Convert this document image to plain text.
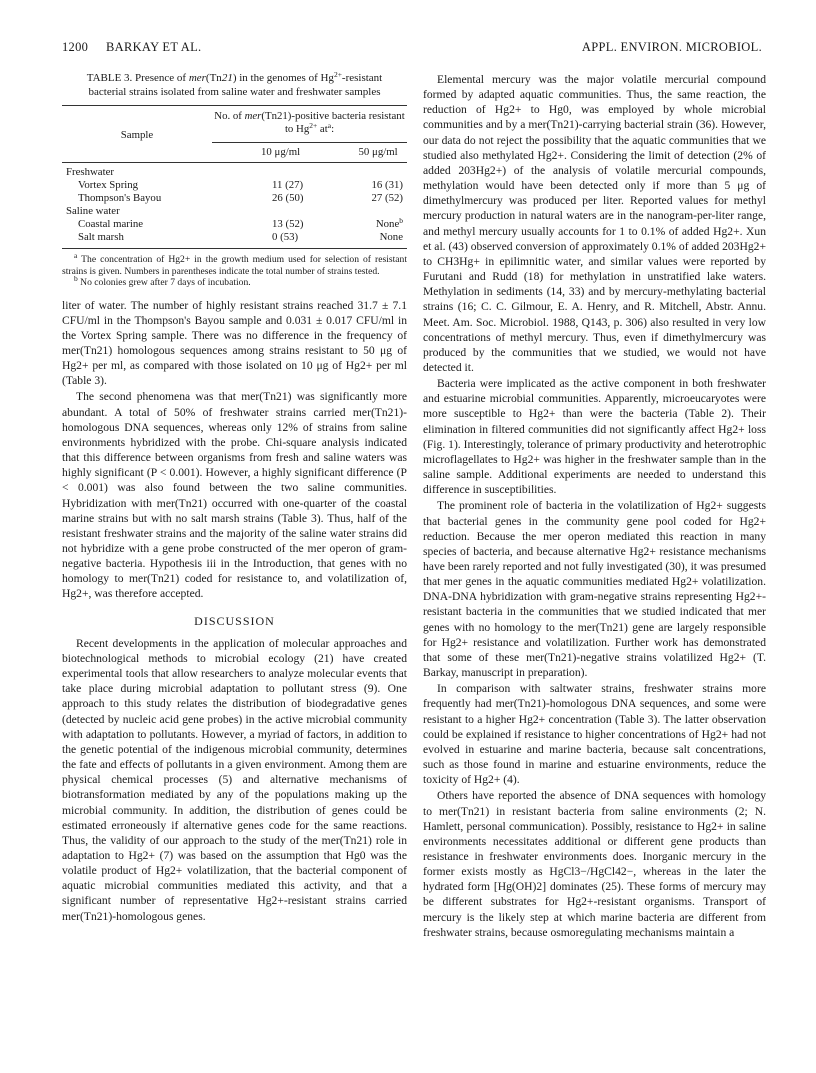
1200 BARKAY ET AL.	APPL. ENVIRON. MICROBIOL.
TABLE 3. Presence of mer(Tn21) in the genomes of $Hg^{2+}$-resistant bacterial strains isolated from saline water and freshwater samples

Sample	No. of mer(Tn21)-positive bacteria resistant to $Hg^{2+}$ $at^a$:	
	10 μg/ml	50 μg/ml

Freshwater		
Vortex Spring	11 (27)	16 (31)
Thompson's Bayou	26 (50)	27 (52)
Saline water		
Coastal marine	13 (52)	None$^b$
Salt marsh	0 (53)	None
$^a$ The concentration of Hg2+ in the growth medium used for selection of resistant strains is given. Numbers in parentheses indicate the total number of strains tested.
$^b$ No colonies grew after 7 days of incubation.

liter of water. The number of highly resistant strains reached 31.7 ± 7.1 CFU/ml in the Thompson's Bayou sample and 0.031 ± 0.017 CFU/ml in the Vortex Spring sample. There was no difference in the frequency of mer(Tn21) homologous sequences among strains resistant to 50 μg of Hg2+ per ml, as compared with those isolated on 10 μg of Hg2+ per ml (Table 3).

The second phenomena was that mer(Tn21) was significantly more abundant. A total of 50% of freshwater strains carried mer(Tn21)-homologous DNA sequences, whereas only 12% of strains from saline environments hybridized with the probe. Chi-square analysis indicated that this difference between organisms from fresh and saline waters was highly significant (P < 0.001). However, a highly significant difference (P < 0.001) was also found between the two saline communities. Hybridization with mer(Tn21) occurred with one-quarter of the coastal marine strains but with no salt marsh strains (Table 3). Thus, half of the resistant freshwater strains and the majority of the saline water strains did not hybridize with a gene probe constructed of the mer operon of gram-negative bacteria. Hypothesis iii in the Introduction, that genes with no homology to mer(Tn21) coded for resistance to, and volatilization of, Hg2+, was therefore accepted.

DISCUSSION

Recent developments in the application of molecular approaches and biotechnological methods to microbial ecology (21) have created experimental tools that allow researchers to analyze molecular events that take place during microbial adaptation to pollutant stress (9). One approach to this study relates the distribution of biodegradative genes (detected by nucleic acid gene probes) in the active microbial community with adaptation to pollutants. However, a myriad of factors, in addition to the genetic potential of the indigenous microbial community, determines the fate and effects of pollutants in a given environment. Among them are physical chemical processes (5) and alternative mechanisms of biotransformation mediated by any of the populations making up the microbial community. In addition, the distribution of genes could be estimated erroneously if alternative genes code for the same reactions. Thus, the validity of our approach to the study of the mer(Tn21) role in adaptation to Hg2+ (7) was based on the assumption that Hg0 was the volatile product of Hg2+ volatilization, that the bacterial component of aquatic microbial communities mediated this activity, and that a significant number of representative Hg2+-resistant strains carried mer(Tn21)-homologous genes.

Elemental mercury was the major volatile mercurial compound formed by adapted aquatic communities. Thus, the same reaction, the reduction of Hg2+ to Hg0, was employed by whole microbial communities and by a mer(Tn21)-carrying bacterial strain (36). However, our data do not reject the possibility that the aquatic communities that we studied also methylated Hg2+. Considering the limit of detection (2% of added 203Hg2+) of the analysis of volatile mercurial compounds, methylation would have been detected only if more than 5 μg of dimethylmercury was produced per liter. Reported values for methyl mercury production in natural waters are in the nanogram-per-liter range, and methyl mercury usually accounts for 1 to 0.1% of added Hg2+. Xun et al. (43) observed conversion of approximately 0.1% of added 203Hg2+ to CH3Hg+ in epilimnitic water, and similar values were reported by Furutani and Rudd (18) for methylation in unstratified lake waters. Methylation in sediments (14, 33) and by mercury-methylating bacterial strains (16; C. C. Gilmour, E. A. Henry, and R. Mitchell, Abstr. Annu. Meet. Am. Soc. Microbiol. 1988, Q143, p. 306) also resulted in very low concentrations of methyl mercury. Thus, even if dimethylmercury was produced by the communities that we studied, we would not have detected it.

Bacteria were implicated as the active component in both freshwater and estuarine microbial communities. Apparently, microeucaryotes were more susceptible to Hg2+ than were the bacteria (Table 2). Their elimination in filtered communities did not significantly affect Hg2+ loss (Fig. 1). Interestingly, tolerance of primary productivity and heterotrophic microflagellates to Hg2+ was higher in the freshwater sample than in the saline sample. Additional experiments are needed to understand this difference in susceptibilities.

The prominent role of bacteria in the volatilization of Hg2+ suggests that bacterial genes in the community gene pool coded for Hg2+ reduction. Because the mer operon mediated this reaction in many species of bacteria, and because alternative Hg2+ resistance mechanisms have been rarely reported and not fully investigated (30), it was presumed that mer genes in the aquatic communities mediated Hg2+ volatilization. DNA-DNA hybridization with gram-negative strains representing Hg2+-resistant bacteria in the communities that we studied indicated that mer genes with no homology to the mer(Tn21) gene are largely responsible for Hg2+ resistance and volatilization. Further work has demonstrated that some of these mer(Tn21)-negative strains volatilized Hg2+ (T. Barkay, manuscript in preparation).

In comparison with saltwater strains, freshwater strains more frequently had mer(Tn21)-homologous DNA sequences, and some were resistant to a higher Hg2+ concentration (Table 3). The latter observation could be explained if resistance to higher concentrations of Hg2+ had not evolved in estuarine and marine bacteria, because salt concentrations, such as those found in marine and estuarine environments, reduce the toxicity of Hg2+ (4).

Others have reported the absence of DNA sequences with homology to mer(Tn21) in resistant bacteria from saline environments (2; N. Hamlett, personal communication). Possibly, resistance to Hg2+ in saline environments necessitates additional or different gene products than resistance in freshwater environments does. Inorganic mercury in the former exists mostly as HgCl3−/HgCl42−, whereas in the later the hydrated form [Hg(OH)2] dominates (25). These forms of mercury may be different substrates for Hg2+-resistant organisms. Transport of mercury is the likely step at which marine bacteria are different from freshwater strains, because osmoregulating mechanisms maintain a
